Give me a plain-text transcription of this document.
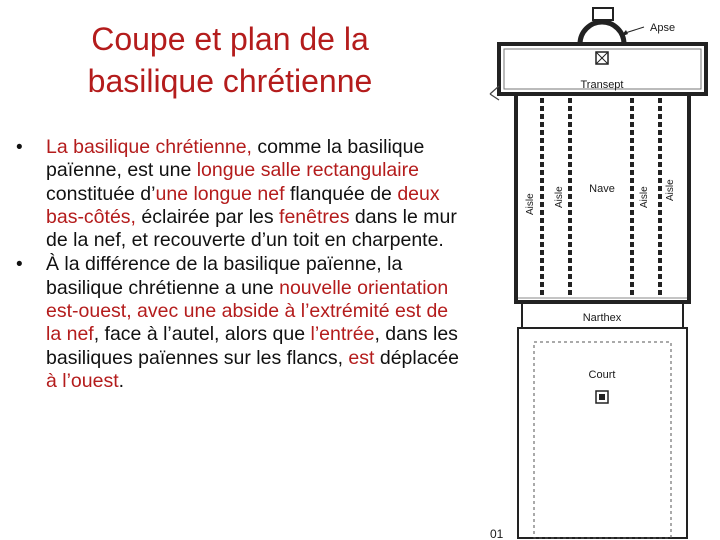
Coupe et plan de la
basilique chrétienne
•	La basilique chrétienne, comme la basilique païenne, est une longue salle rectangulaire constituée d’une longue nef flanquée de deux bas-côtés, éclairée par les fenêtres dans le mur de la nef, et recouverte d’un toit en charpente.
•	À la différence de la basilique païenne, la basilique chrétienne a une nouvelle orientation est-ouest, avec une abside à l’extrémité est de la nef, face à l’autel, alors que l’entrée, dans les basiliques païennes sur les flancs, est déplacée à l’ouest.
Apse
Transept
Nave
Aisle Aisle	Aisle Aisle
Narthex
Court
01
